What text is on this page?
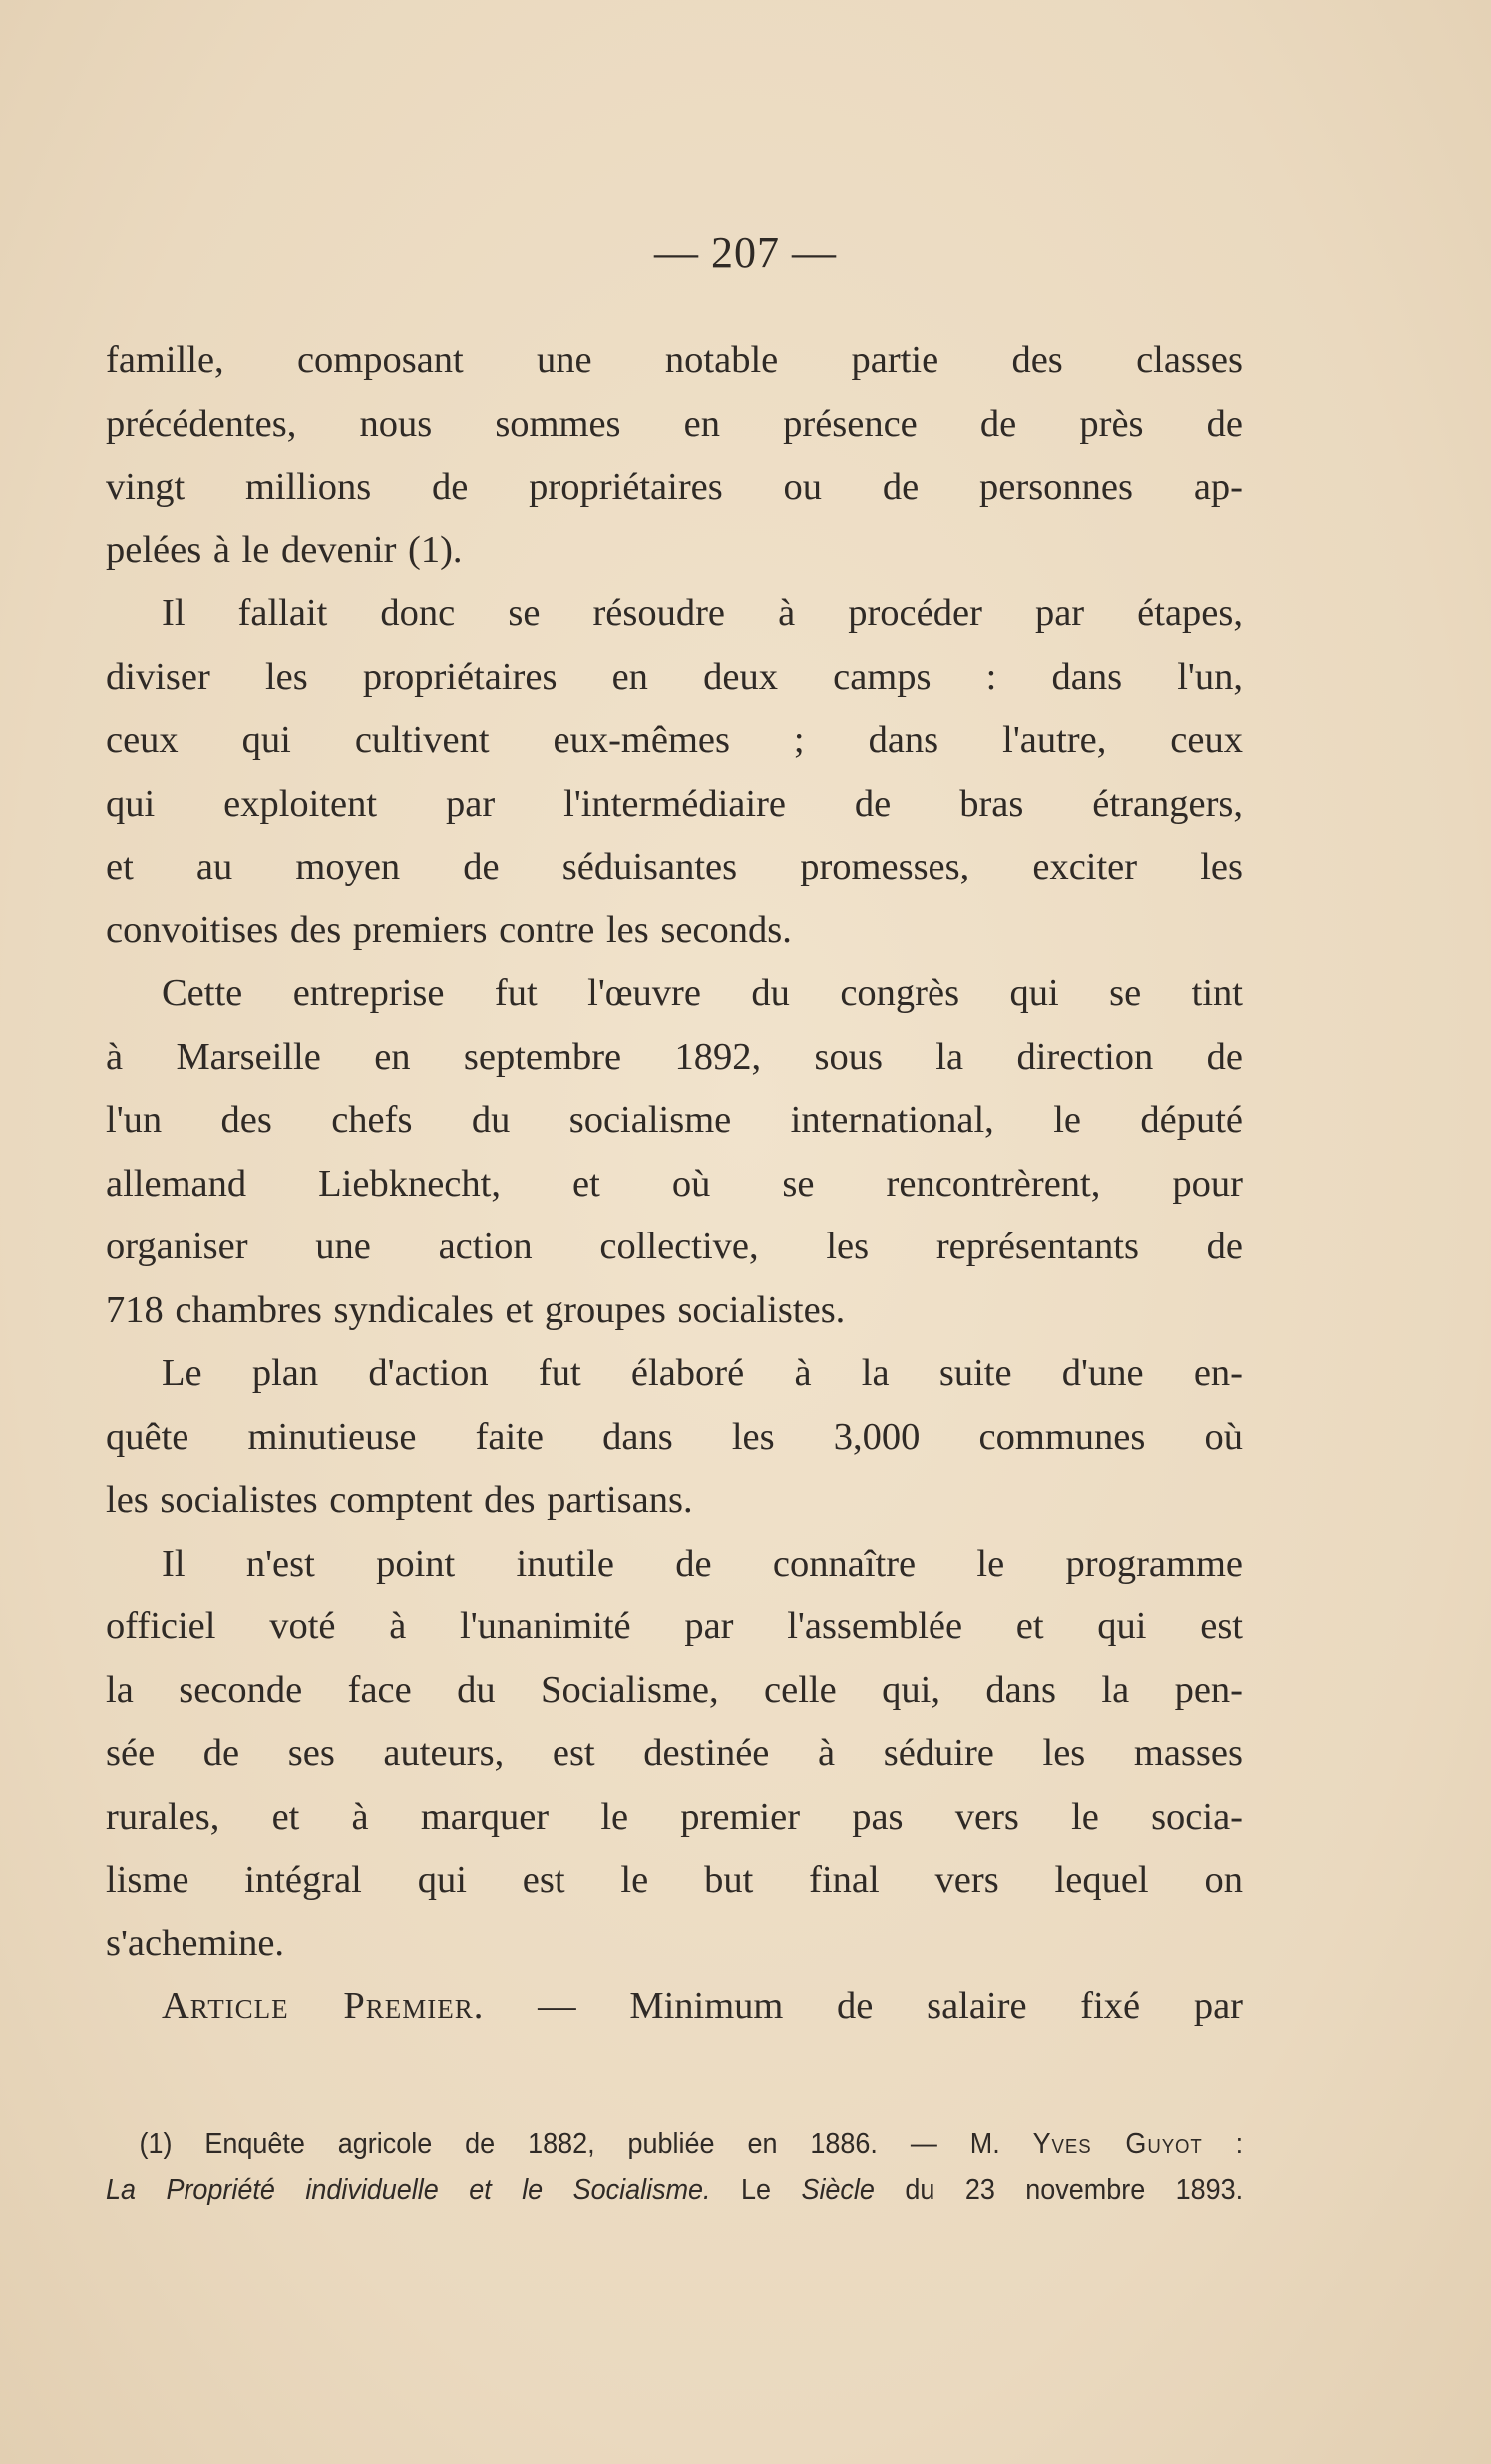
— 207 —
famille, composant une notable partie des classes
précédentes, nous sommes en présence de près de
vingt millions de propriétaires ou de personnes ap-
pelées à le devenir (1).
Il fallait donc se résoudre à procéder par étapes,
diviser les propriétaires en deux camps : dans l'un,
ceux qui cultivent eux-mêmes ; dans l'autre, ceux
qui exploitent par l'intermédiaire de bras étrangers,
et au moyen de séduisantes promesses, exciter les
convoitises des premiers contre les seconds.
Cette entreprise fut l'œuvre du congrès qui se tint
à Marseille en septembre 1892, sous la direction de
l'un des chefs du socialisme international, le député
allemand Liebknecht, et où se rencontrèrent, pour
organiser une action collective, les représentants de
718 chambres syndicales et groupes socialistes.
Le plan d'action fut élaboré à la suite d'une en-
quête minutieuse faite dans les 3,000 communes où
les socialistes comptent des partisans.
Il n'est point inutile de connaître le programme
officiel voté à l'unanimité par l'assemblée et qui est
la seconde face du Socialisme, celle qui, dans la pen-
sée de ses auteurs, est destinée à séduire les masses
rurales, et à marquer le premier pas vers le socia-
lisme intégral qui est le but final vers lequel on
s'achemine.
Article Premier. — Minimum de salaire fixé par
(1) Enquête agricole de 1882, publiée en 1886. — M. Yves Guyot :
La Propriété individuelle et le Socialisme. Le Siècle du 23 novembre 1893.
